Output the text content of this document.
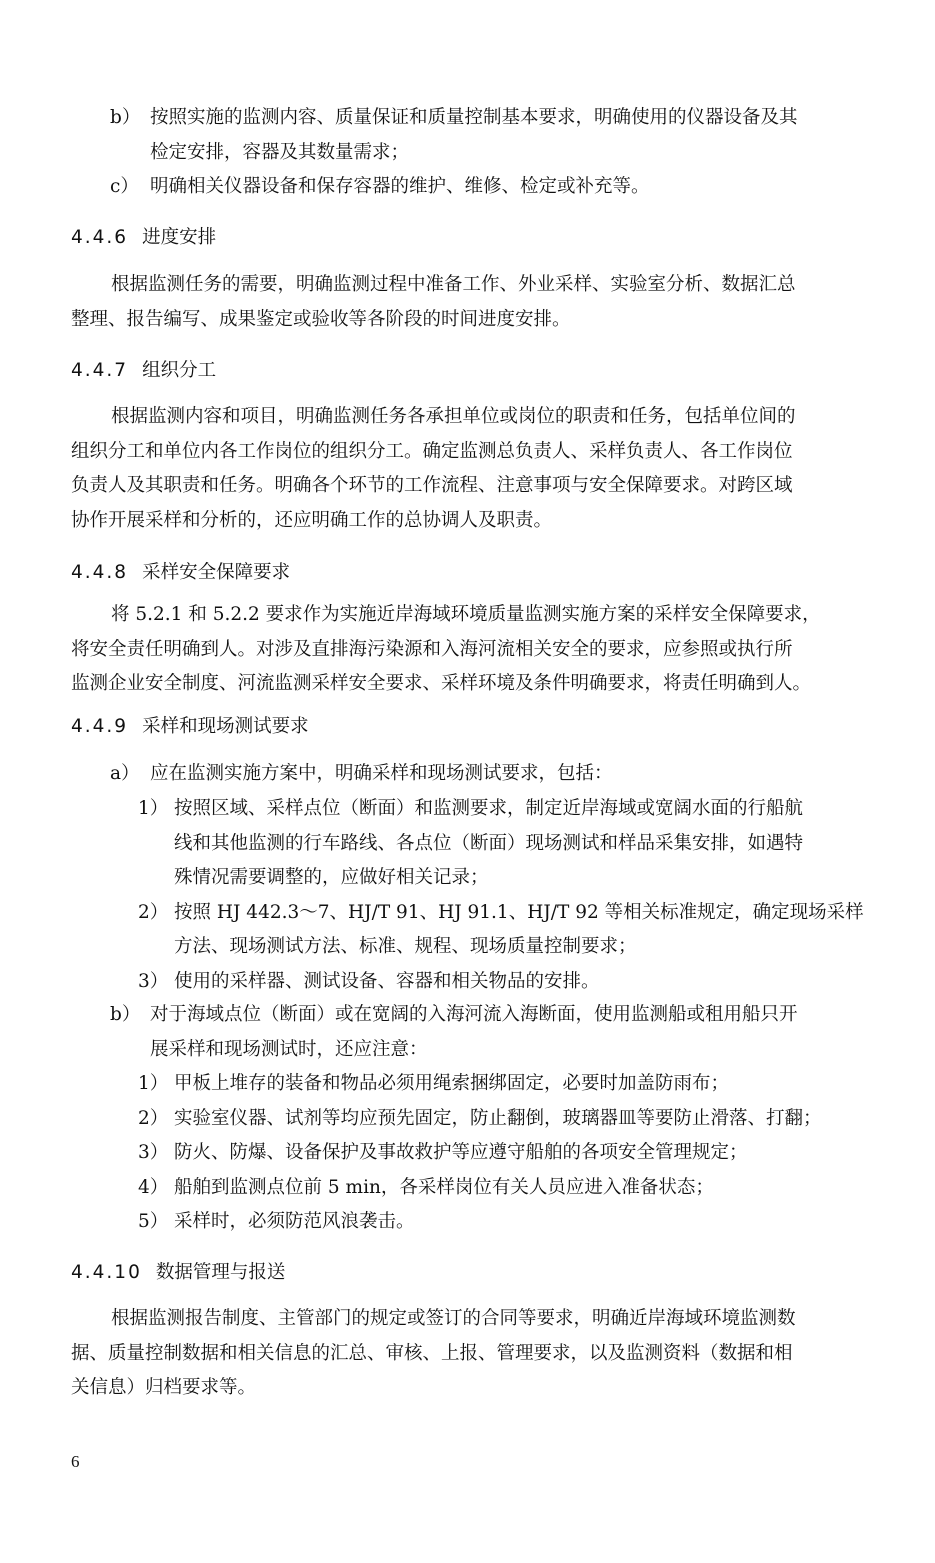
b） 按照实施的监测内容、质量保证和质量控制基本要求，明确使用的仪器设备及其
检定安排，容器及其数量需求；
c） 明确相关仪器设备和保存容器的维护、维修、检定或补充等。
4.4.6 进度安排
根据监测任务的需要，明确监测过程中准备工作、外业采样、实验室分析、数据汇总
整理、报告编写、成果鉴定或验收等各阶段的时间进度安排。
4.4.7 组织分工
根据监测内容和项目，明确监测任务各承担单位或岗位的职责和任务，包括单位间的
组织分工和单位内各工作岗位的组织分工。确定监测总负责人、采样负责人、各工作岗位
负责人及其职责和任务。明确各个环节的工作流程、注意事项与安全保障要求。对跨区域
协作开展采样和分析的，还应明确工作的总协调人及职责。
4.4.8 采样安全保障要求
将 5.2.1 和 5.2.2 要求作为实施近岸海域环境质量监测实施方案的采样安全保障要求，
将安全责任明确到人。对涉及直排海污染源和入海河流相关安全的要求，应参照或执行所
监测企业安全制度、河流监测采样安全要求、采样环境及条件明确要求，将责任明确到人。
4.4.9 采样和现场测试要求
a） 应在监测实施方案中，明确采样和现场测试要求，包括：
1） 按照区域、采样点位（断面）和监测要求，制定近岸海域或宽阔水面的行船航
线和其他监测的行车路线、各点位（断面）现场测试和样品采集安排，如遇特
殊情况需要调整的，应做好相关记录；
2） 按照 HJ 442.3～7、HJ/T 91、HJ 91.1、HJ/T 92 等相关标准规定，确定现场采样
方法、现场测试方法、标准、规程、现场质量控制要求；
3） 使用的采样器、测试设备、容器和相关物品的安排。
b） 对于海域点位（断面）或在宽阔的入海河流入海断面，使用监测船或租用船只开
展采样和现场测试时，还应注意：
1） 甲板上堆存的装备和物品必须用绳索捆绑固定，必要时加盖防雨布；
2） 实验室仪器、试剂等均应预先固定，防止翻倒，玻璃器皿等要防止滑落、打翻；
3） 防火、防爆、设备保护及事故救护等应遵守船舶的各项安全管理规定；
4） 船舶到监测点位前 5 min，各采样岗位有关人员应进入准备状态；
5） 采样时，必须防范风浪袭击。
4.4.10 数据管理与报送
根据监测报告制度、主管部门的规定或签订的合同等要求，明确近岸海域环境监测数
据、质量控制数据和相关信息的汇总、审核、上报、管理要求，以及监测资料（数据和相
关信息）归档要求等。
6
